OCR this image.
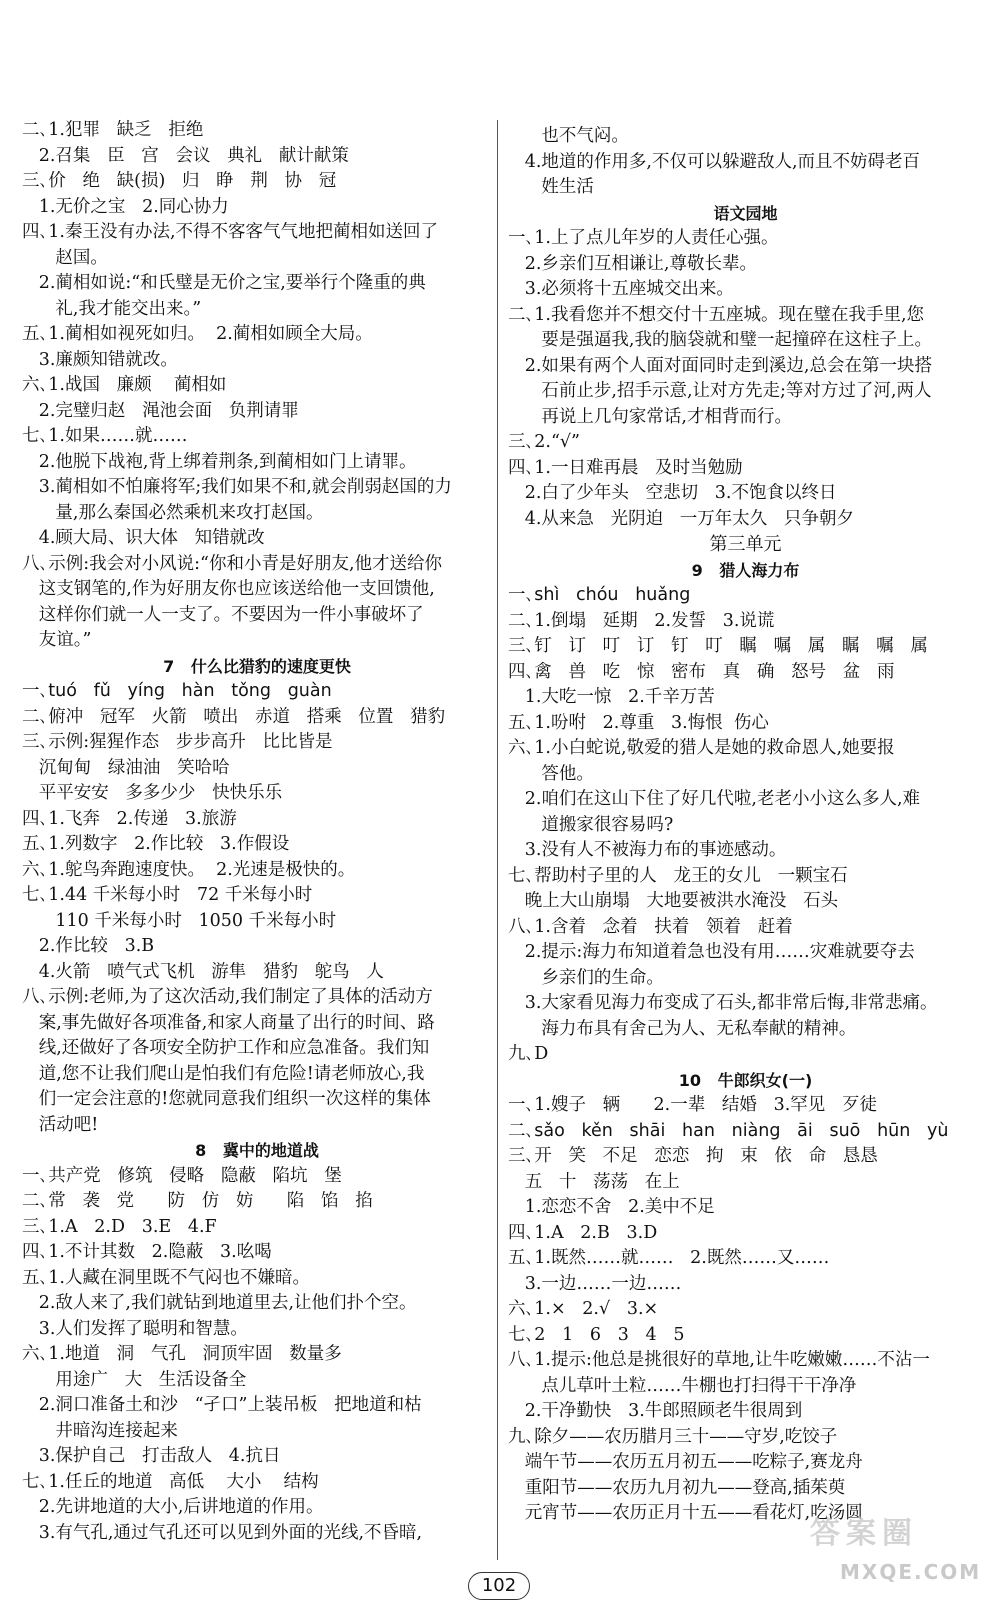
二､1.犯罪   缺乏   拒绝
2.召集   臣   宫   会议   典礼   献计献策
三､价   绝   缺(损)   归   睁   荆   协   冠
1.无价之宝   2.同心协力
四､1.秦王没有办法,不得不客客气气地把蔺相如送回了
赵国。
2.蔺相如说:“和氏璧是无价之宝,要举行个隆重的典
礼,我才能交出来。”
五､1.蔺相如视死如归。  2.蔺相如顾全大局。
3.廉颇知错就改。
六､1.战国   廉颇    蔺相如
2.完璧归赵   渑池会面   负荆请罪
七､1.如果……就……
2.他脱下战袍,背上绑着荆条,到蔺相如门上请罪。
3.蔺相如不怕廉将军;我们如果不和,就会削弱赵国的力
量,那么秦国必然乘机来攻打赵国。
4.顾大局、识大体   知错就改
八､示例:我会对小风说:“你和小青是好朋友,他才送给你
这支钢笔的,作为好朋友你也应该送给他一支回馈他,
这样你们就一人一支了。不要因为一件小事破坏了
友谊。”
7   什么比猎豹的速度更快
一､tuó   fǔ   yíng   hàn   tǒng   guàn
二､俯冲   冠军   火箭   喷出   赤道   搭乘   位置   猎豹
三､示例:猩猩作态   步步高升   比比皆是
沉甸甸   绿油油   笑哈哈
平平安安   多多少少   快快乐乐
四､1.飞奔   2.传递   3.旅游
五､1.列数字   2.作比较   3.作假设
六､1.鸵鸟奔跑速度快。  2.光速是极快的。
七､1.44 千米每小时   72 千米每小时
110 千米每小时   1050 千米每小时
2.作比较   3.B
4.火箭   喷气式飞机   游隼   猎豹   鸵鸟   人
八､示例:老师,为了这次活动,我们制定了具体的活动方
案,事先做好各项准备,和家人商量了出行的时间、路
线,还做好了各项安全防护工作和应急准备。我们知
道,您不让我们爬山是怕我们有危险!请老师放心,我
们一定会注意的!您就同意我们组织一次这样的集体
活动吧!
8   冀中的地道战
一､共产党   修筑   侵略   隐蔽   陷坑   堡
二､常   袭   党      防   仿   妨      陷   馅   掐
三､1.A   2.D   3.E   4.F
四､1.不计其数   2.隐蔽   3.吆喝
五､1.人藏在洞里既不气闷也不嫌暗。
2.敌人来了,我们就钻到地道里去,让他们扑个空。
3.人们发挥了聪明和智慧。
六､1.地道   洞   气孔   洞顶牢固   数量多
用途广   大   生活设备全
2.洞口准备土和沙   “孑口”上装吊板   把地道和枯
井暗沟连接起来
3.保护自己   打击敌人   4.抗日
七､1.任丘的地道   高低    大小    结构
2.先讲地道的大小,后讲地道的作用。
3.有气孔,通过气孔还可以见到外面的光线,不昏暗,
也不气闷。
4.地道的作用多,不仅可以躲避敌人,而且不妨碍老百
姓生活
语文园地
一､1.上了点儿年岁的人责任心强。
2.乡亲们互相谦让,尊敬长辈。
3.必须将十五座城交出来。
二､1.我看您并不想交付十五座城。现在璧在我手里,您
要是强逼我,我的脑袋就和璧一起撞碎在这柱子上。
2.如果有两个人面对面同时走到溪边,总会在第一块搭
石前止步,招手示意,让对方先走;等对方过了河,两人
再说上几句家常话,才相背而行。
三､2.“√”
四､1.一日难再晨   及时当勉励
2.白了少年头   空悲切   3.不饱食以终日
4.从来急   光阴迫   一万年太久   只争朝夕
第三单元
9   猎人海力布
一､shì   chóu   huǎng
二､1.倒塌   延期   2.发誓   3.说谎
三､钉   订   叮   订   钉   叮   瞩   嘱   属   瞩   嘱   属
四､禽   兽   吃   惊   密布   真   确   怒号   盆   雨
1.大吃一惊   2.千辛万苦
五､1.吩咐   2.尊重   3.悔恨  伤心
六､1.小白蛇说,敬爱的猎人是她的救命恩人,她要报
答他。
2.咱们在这山下住了好几代啦,老老小小这么多人,难
道搬家很容易吗?
3.没有人不被海力布的事迹感动。
七､帮助村子里的人   龙王的女儿   一颗宝石
晚上大山崩塌   大地要被洪水淹没   石头
八､1.含着   念着   扶着   领着   赶着
2.提示:海力布知道着急也没有用……灾难就要夺去
乡亲们的生命。
3.大家看见海力布变成了石头,都非常后悔,非常悲痛。
海力布具有舍己为人、无私奉献的精神。
九､D
10   牛郎织女(一)
一､1.嫂子   辆      2.一辈   结婚   3.罕见   歹徒
二､sǎo   kěn   shāi   han   niàng   āi   suō   hūn   yù
三､开   笑   不足   恋恋   拘   束   依   命   恳恳
五   十   荡荡   在上
1.恋恋不舍   2.美中不足
四､1.A   2.B   3.D
五､1.既然……就……   2.既然……又……
3.一边……一边……
六､1.×   2.√   3.×
七､2   1   6   3   4   5
八､1.提示:他总是挑很好的草地,让牛吃嫩嫩……不沾一
点儿草叶土粒……牛棚也打扫得干干净净
2.干净勤快   3.牛郎照顾老牛很周到
九､除夕——农历腊月三十——守岁,吃饺子
端午节——农历五月初五——吃粽子,赛龙舟
重阳节——农历九月初九——登高,插茱萸
元宵节——农历正月十五——看花灯,吃汤圆
102
答案圈
MXQE.COM
